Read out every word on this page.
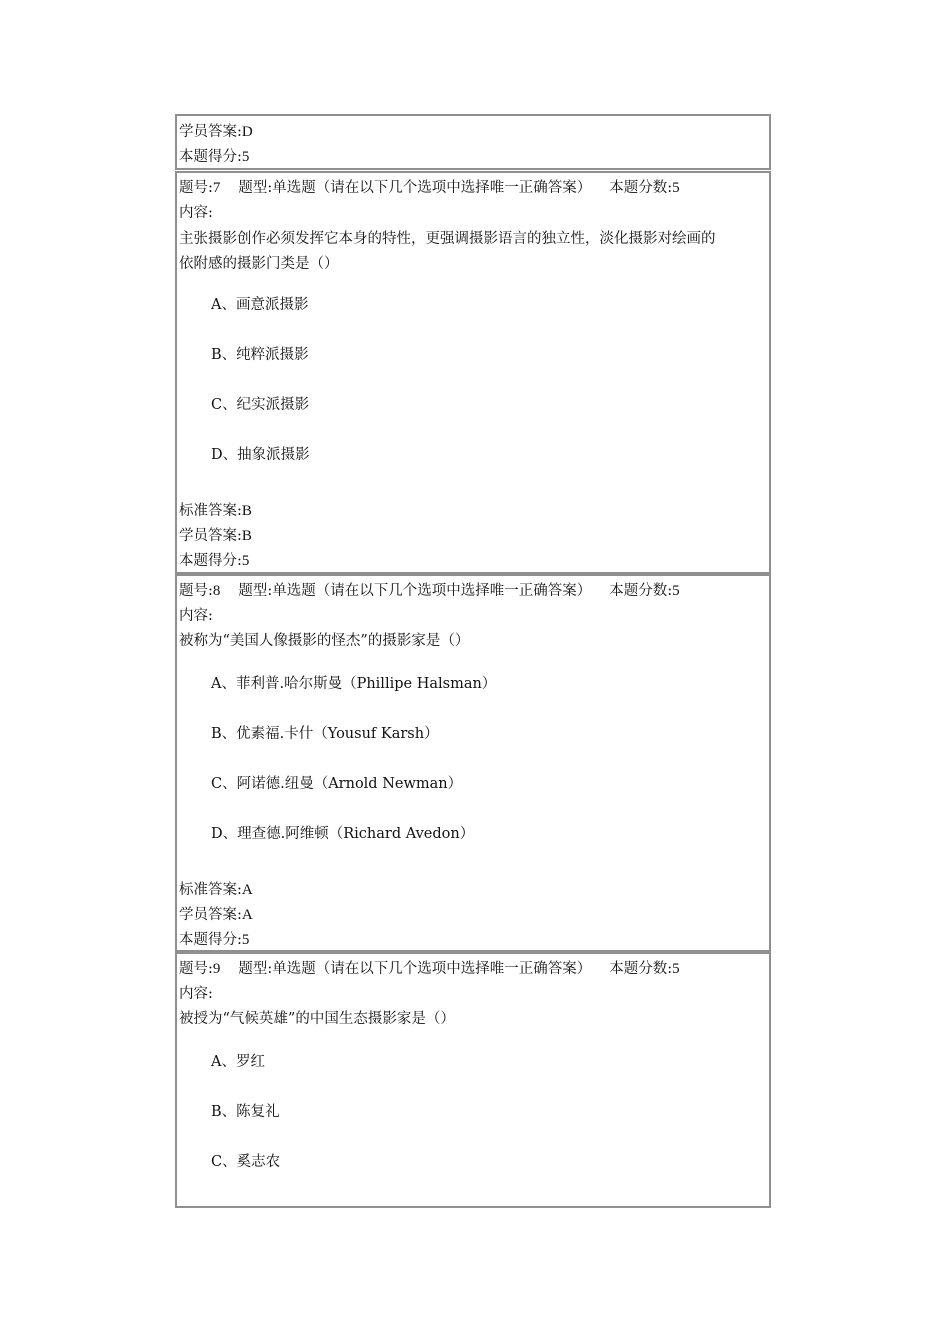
学员答案:D
本题得分:5
题号:7 题型:单选题（请在以下几个选项中选择唯一正确答案） 本题分数:5
内容:
主张摄影创作必须发挥它本身的特性，更强调摄影语言的独立性，淡化摄影对绘画的
依附感的摄影门类是（）
A、画意派摄影
B、纯粹派摄影
C、纪实派摄影
D、抽象派摄影
标准答案:B
学员答案:B
本题得分:5
题号:8 题型:单选题（请在以下几个选项中选择唯一正确答案） 本题分数:5
内容:
被称为“美国人像摄影的怪杰”的摄影家是（）
A、菲利普.哈尔斯曼（Phillipe Halsman）
B、优素福.卡什（Yousuf Karsh）
C、阿诺德.纽曼（Arnold Newman）
D、理查德.阿维顿（Richard Avedon）
标准答案:A
学员答案:A
本题得分:5
题号:9 题型:单选题（请在以下几个选项中选择唯一正确答案） 本题分数:5
内容:
被授为“气候英雄”的中国生态摄影家是（）
A、罗红
B、陈复礼
C、奚志农
